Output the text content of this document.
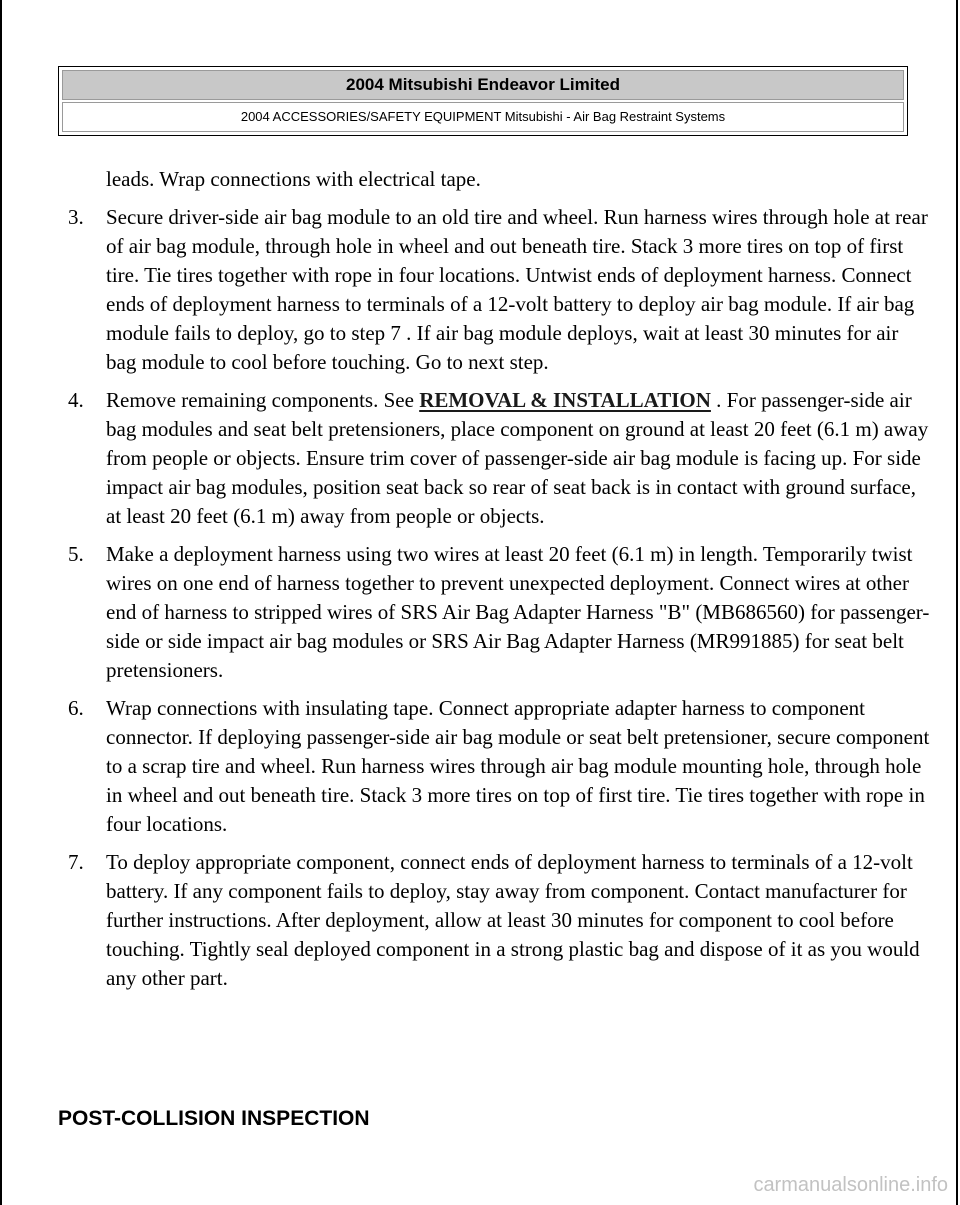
2004 Mitsubishi Endeavor Limited
2004 ACCESSORIES/SAFETY EQUIPMENT Mitsubishi - Air Bag Restraint Systems
leads. Wrap connections with electrical tape.
3.	Secure driver-side air bag module to an old tire and wheel. Run harness wires through hole at rear of air bag module, through hole in wheel and out beneath tire. Stack 3 more tires on top of first tire. Tie tires together with rope in four locations. Untwist ends of deployment harness. Connect ends of deployment harness to terminals of a 12-volt battery to deploy air bag module. If air bag module fails to deploy, go to step 7 . If air bag module deploys, wait at least 30 minutes for air bag module to cool before touching. Go to next step.
4.	Remove remaining components. See REMOVAL & INSTALLATION . For passenger-side air bag modules and seat belt pretensioners, place component on ground at least 20 feet (6.1 m) away from people or objects. Ensure trim cover of passenger-side air bag module is facing up. For side impact air bag modules, position seat back so rear of seat back is in contact with ground surface, at least 20 feet (6.1 m) away from people or objects.
5.	Make a deployment harness using two wires at least 20 feet (6.1 m) in length. Temporarily twist wires on one end of harness together to prevent unexpected deployment. Connect wires at other end of harness to stripped wires of SRS Air Bag Adapter Harness "B" (MB686560) for passenger-side or side impact air bag modules or SRS Air Bag Adapter Harness (MR991885) for seat belt pretensioners.
6.	Wrap connections with insulating tape. Connect appropriate adapter harness to component connector. If deploying passenger-side air bag module or seat belt pretensioner, secure component to a scrap tire and wheel. Run harness wires through air bag module mounting hole, through hole in wheel and out beneath tire. Stack 3 more tires on top of first tire. Tie tires together with rope in four locations.
7.	To deploy appropriate component, connect ends of deployment harness to terminals of a 12-volt battery. If any component fails to deploy, stay away from component. Contact manufacturer for further instructions. After deployment, allow at least 30 minutes for component to cool before touching. Tightly seal deployed component in a strong plastic bag and dispose of it as you would any other part.
POST-COLLISION INSPECTION
carmanualsonline.info
